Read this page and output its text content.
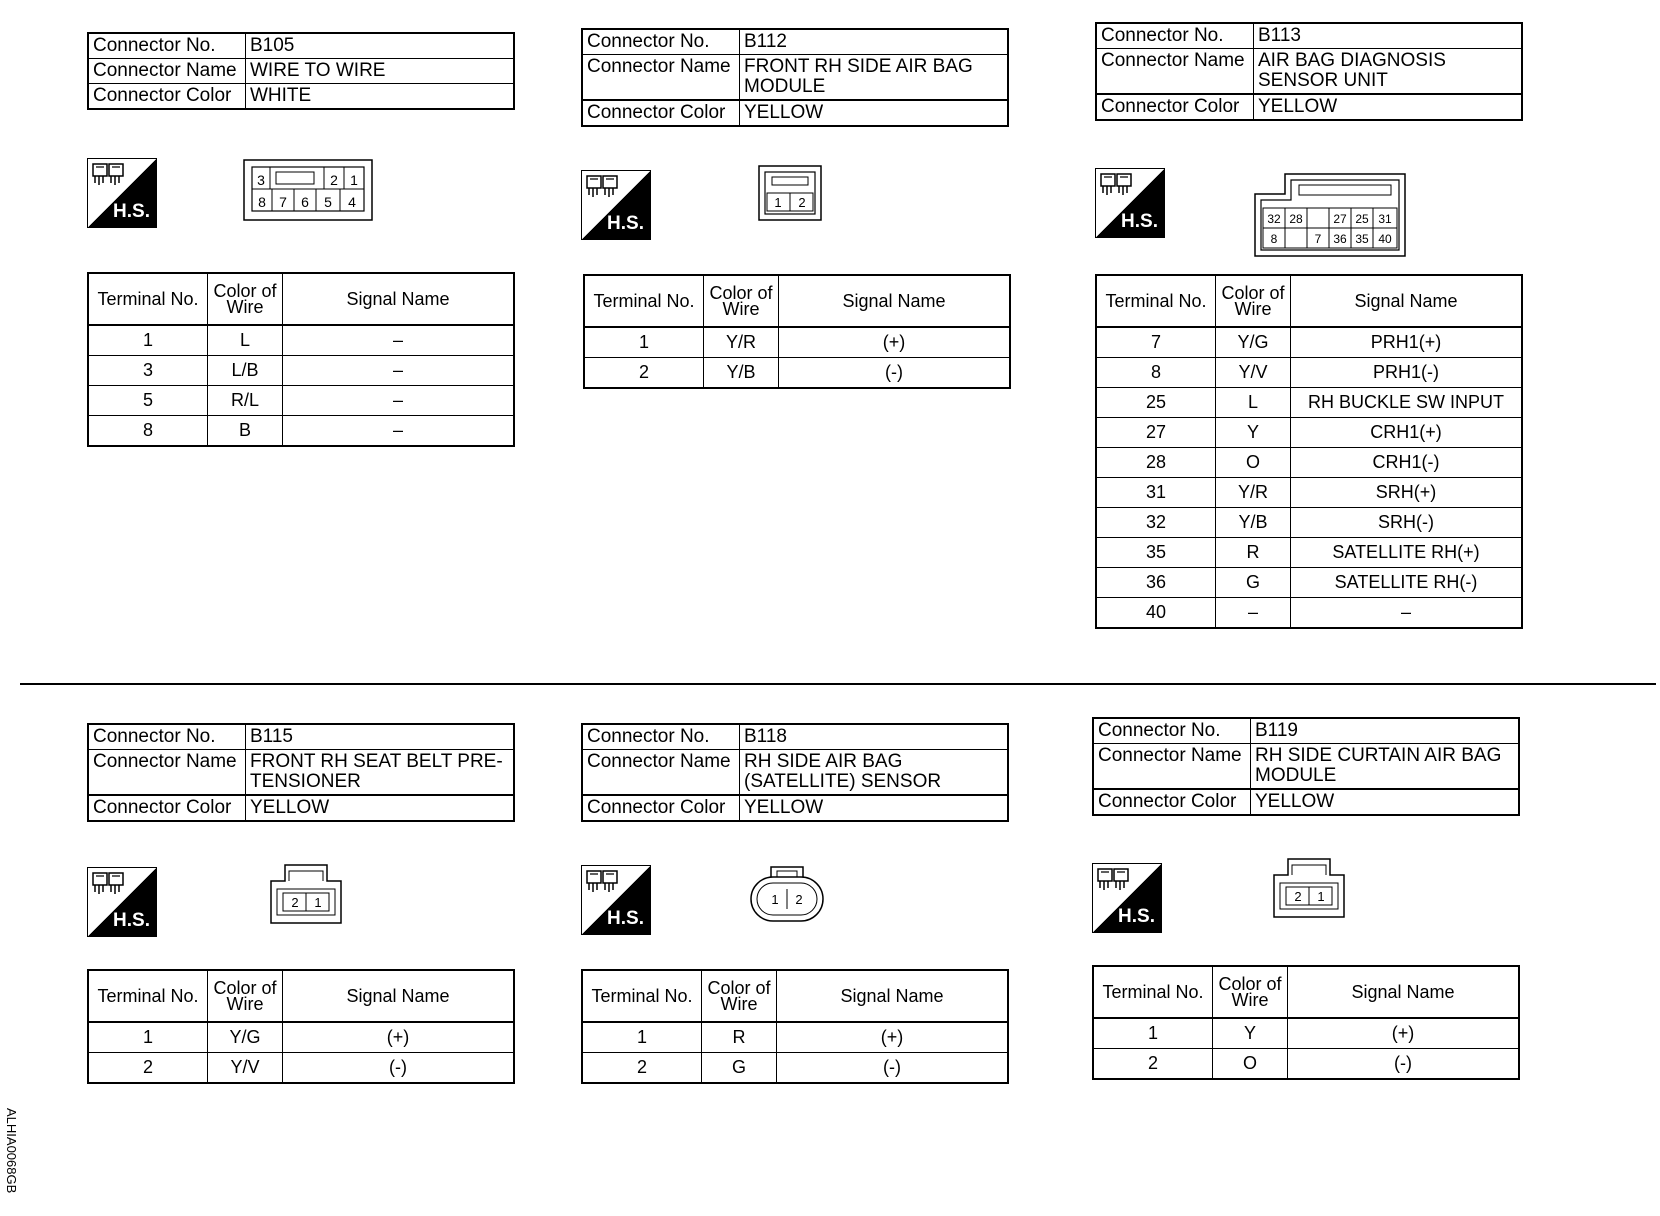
Connector No.	B105
Connector Name	WIRE TO WIRE
Connector Color	WHITE
H.S.
3	2 1
8 7 6 5 4
Terminal No.	Color of Wire	Signal Name
1	L	–
3	L/B	–
5	R/L	–
8	B	–
Connector No.	B112
Connector Name	FRONT RH SIDE AIR BAG MODULE
Connector Color	YELLOW
H.S.
1 2
Terminal No.	Color of Wire	Signal Name
1	Y/R	(+)
2	Y/B	(-)
Connector No.	B113
Connector Name	AIR BAG DIAGNOSIS SENSOR UNIT
Connector Color	YELLOW
H.S.	32 28	27 25 31
8	7 36 35 40
Terminal No.	Color of Wire	Signal Name
7	Y/G	PRH1(+)
8	Y/V	PRH1(-)
25	L	RH BUCKLE SW INPUT
27	Y	CRH1(+)
28	O	CRH1(-)
31	Y/R	SRH(+)
32	Y/B	SRH(-)
35	R	SATELLITE RH(+)
36	G	SATELLITE RH(-)
40	–	–
Connector No.	B115
Connector Name	FRONT RH SEAT BELT PRE-TENSIONER
Connector Color	YELLOW
H.S.
2 1
Terminal No.	Color of Wire	Signal Name
1	Y/G	(+)
2	Y/V	(-)
Connector No.	B118
Connector Name	RH SIDE AIR BAG (SATELLITE) SENSOR
Connector Color	YELLOW
H.S.
1 2
Terminal No.	Color of Wire	Signal Name
1	R	(+)
2	G	(-)
Connector No.	B119
Connector Name	RH SIDE CURTAIN AIR BAG MODULE
Connector Color	YELLOW
H.S.
2 1
Terminal No.	Color of Wire	Signal Name
1	Y	(+)
2	O	(-)
ALHIA0068GB
